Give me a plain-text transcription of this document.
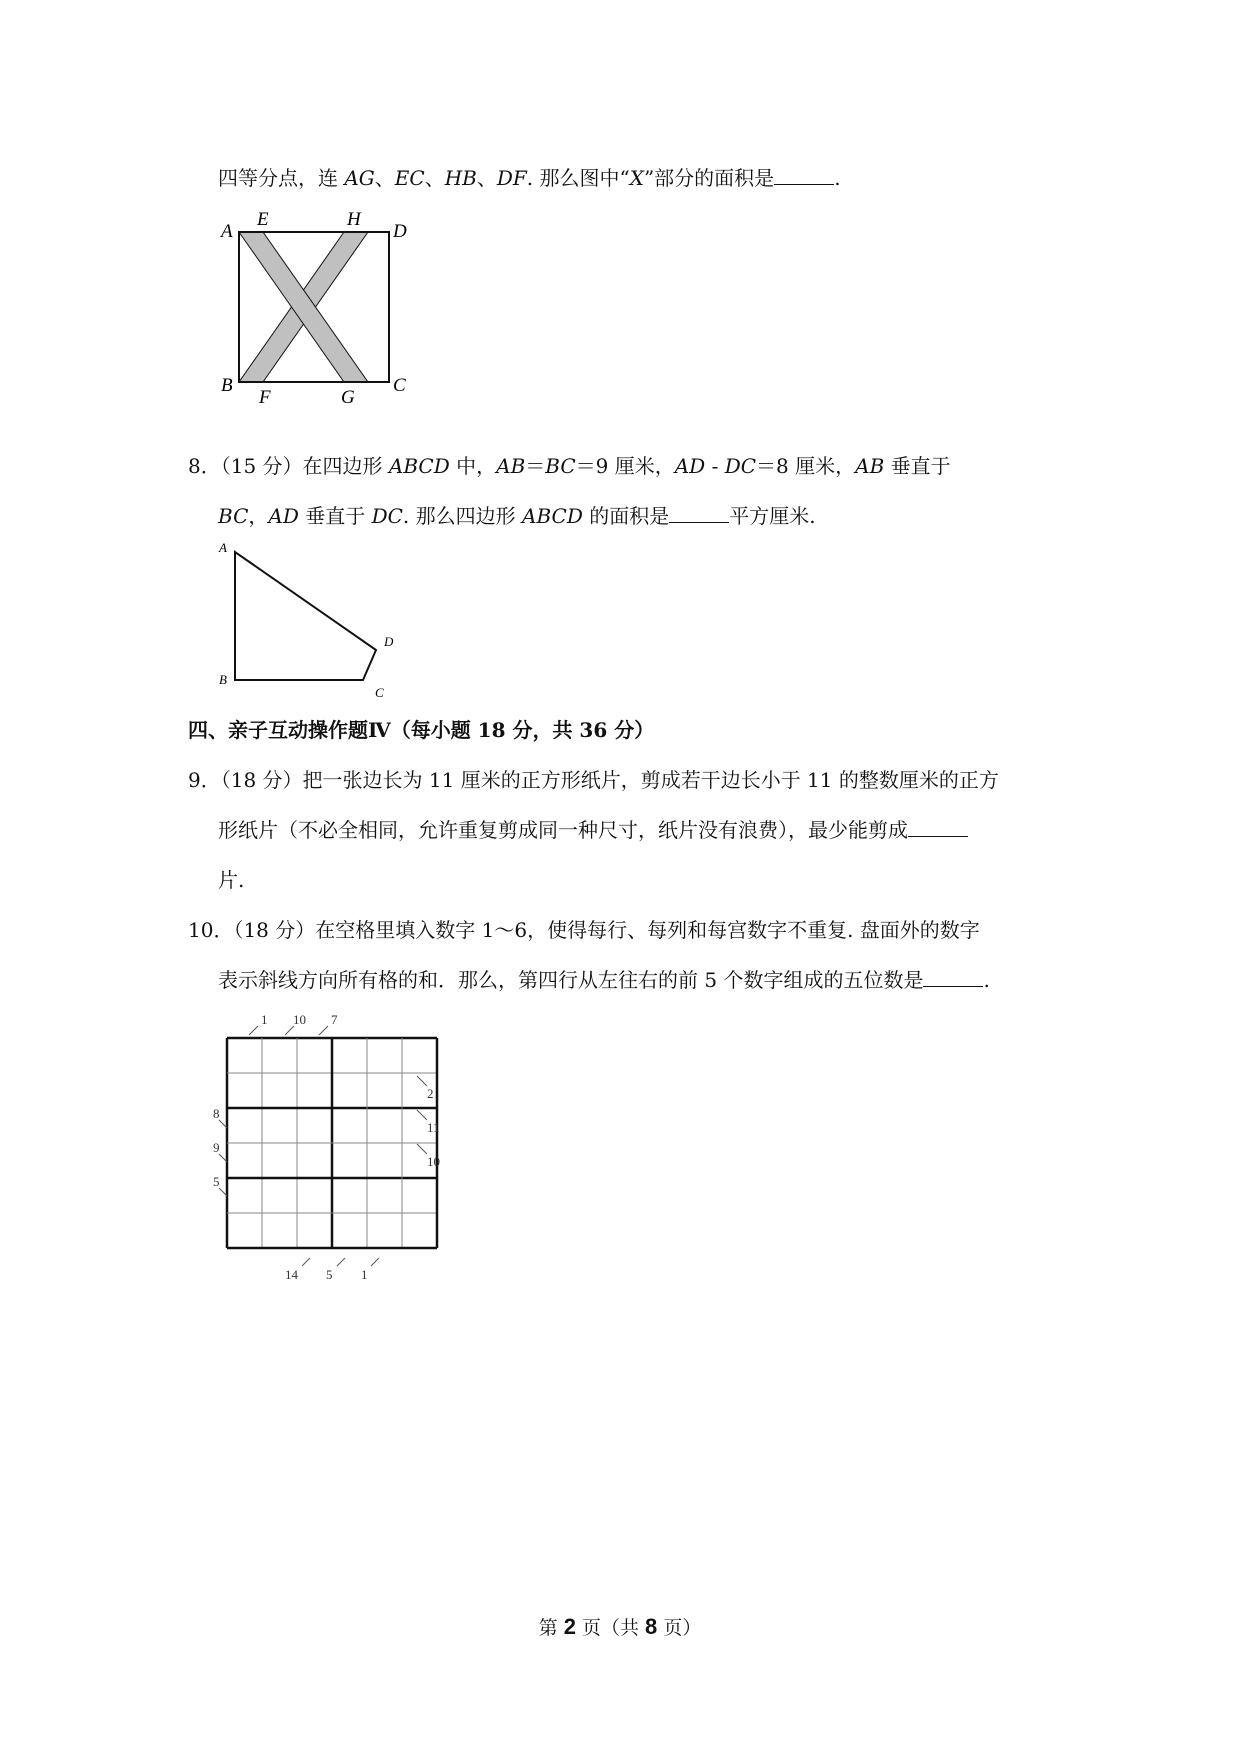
四等分点，连 AG、EC、HB、DF. 那么图中“X”部分的面积是	.
A
E	H
D
B
F	G
C
8．（15 分）在四边形 ABCD 中，AB＝BC＝9 厘米，AD - DC＝8 厘米，AB 垂直于
BC，AD 垂直于 DC. 那么四边形 ABCD 的面积是	平方厘米.
A
B
C
D
四、亲子互动操作题Ⅳ（每小题 18 分，共 36 分）
9．（18 分）把一张边长为 11 厘米的正方形纸片，剪成若干边长小于 11 的整数厘米的正方
形纸片（不必全相同，允许重复剪成同一种尺寸，纸片没有浪费），最少能剪成
片.
10．（18 分）在空格里填入数字 1～6，使得每行、每列和每宫数字不重复. 盘面外的数字
表示斜线方向所有格的和．那么，第四行从左往右的前 5 个数字组成的五位数是	.
1 10 7
2
11
10
8
9
5
14 5 1
第 2 页（共 8 页）
